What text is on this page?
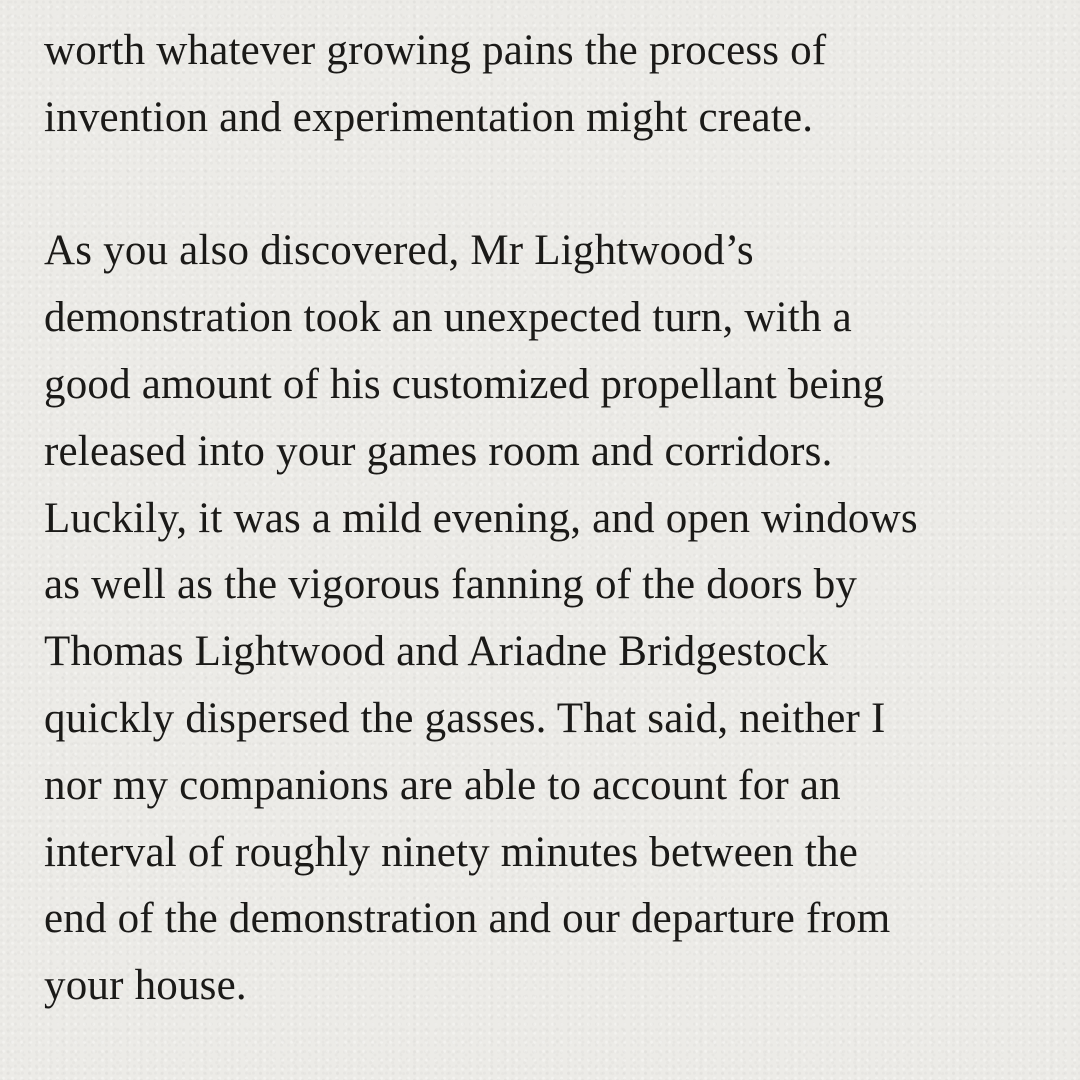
worth whatever growing pains the process of
invention and experimentation might create.
As you also discovered, Mr Lightwood’s
demonstration took an unexpected turn, with a
good amount of his customized propellant being
released into your games room and corridors.
Luckily, it was a mild evening, and open windows
as well as the vigorous fanning of the doors by
Thomas Lightwood and Ariadne Bridgestock
quickly dispersed the gasses. That said, neither I
nor my companions are able to account for an
interval of roughly ninety minutes between the
end of the demonstration and our departure from
your house.
